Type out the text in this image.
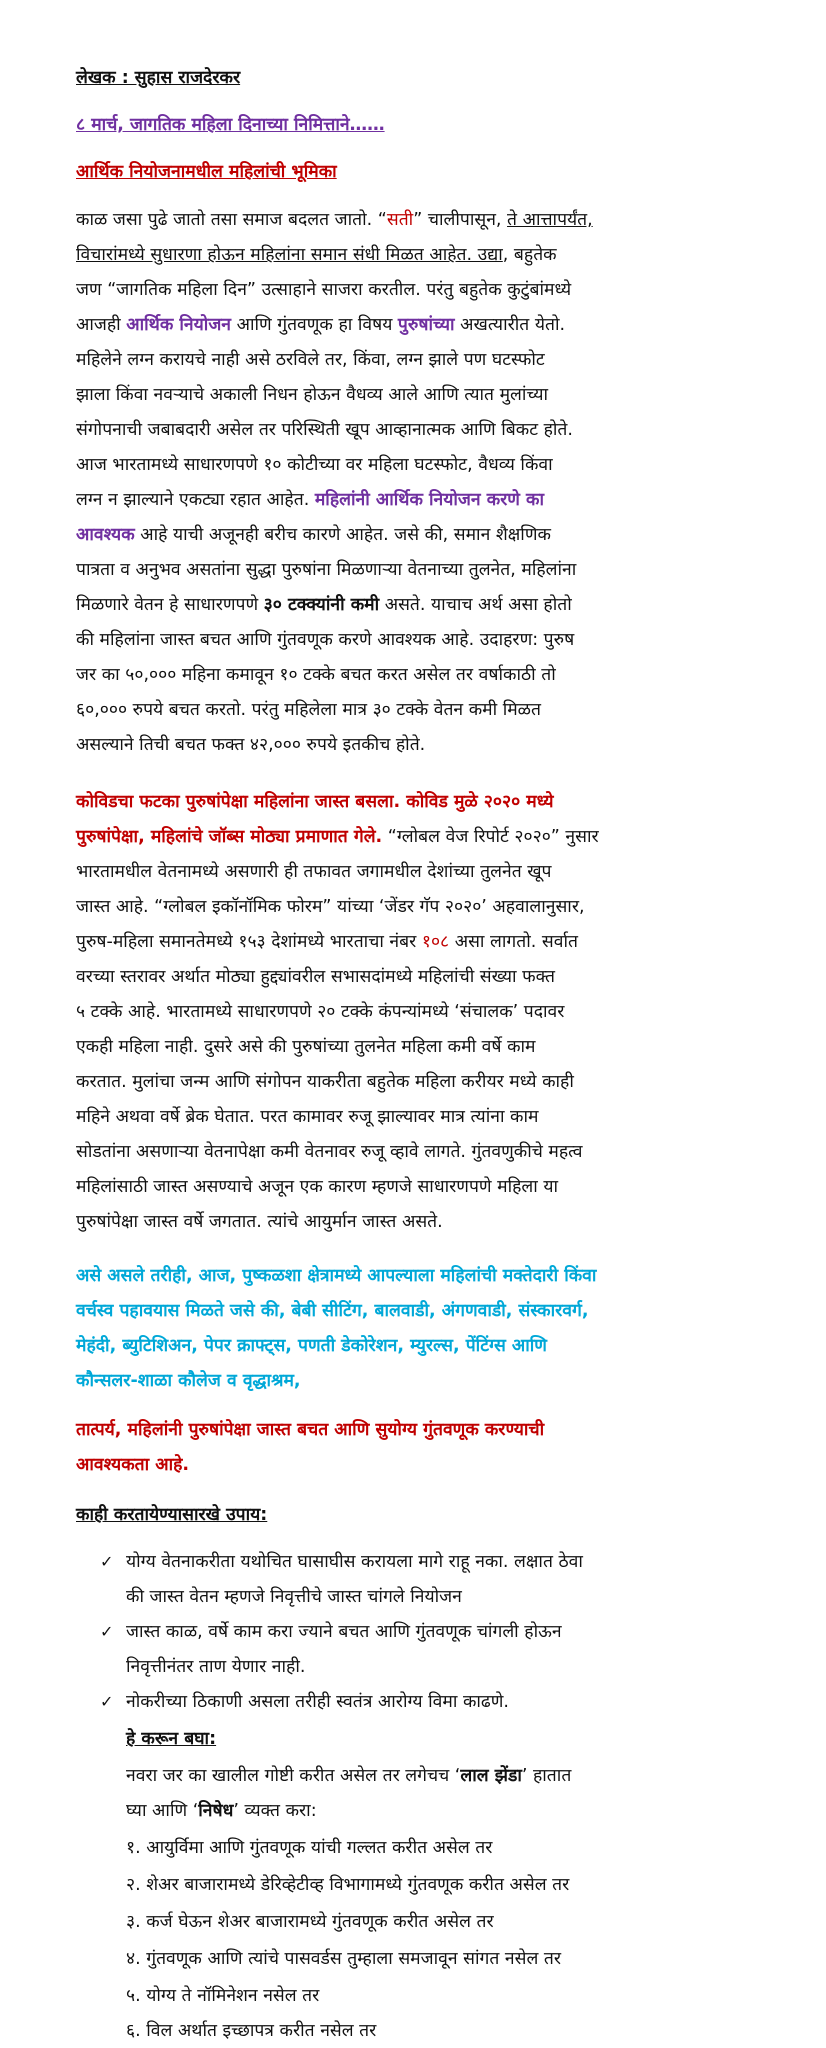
लेखक : सुहास राजदेरकर
८ मार्च, जागतिक महिला दिनाच्या निमित्ताने……
आर्थिक नियोजनामधील महिलांची भूमिका
काळ जसा पुढे जातो तसा समाज बदलत जातो. “सती” चालीपासून, ते आत्तापर्यंत,
विचारांमध्ये सुधारणा होऊन महिलांना समान संधी मिळत आहेत. उद्या, बहुतेक
जण “जागतिक महिला दिन” उत्साहाने साजरा करतील. परंतु बहुतेक कुटुंबांमध्ये
आजही आर्थिक नियोजन आणि गुंतवणूक हा विषय पुरुषांच्या अखत्यारीत येतो.
महिलेने लग्न करायचे नाही असे ठरविले तर, किंवा, लग्न झाले पण घटस्फोट
झाला किंवा नवऱ्याचे अकाली निधन होऊन वैधव्य आले आणि त्यात मुलांच्या
संगोपनाची जबाबदारी असेल तर परिस्थिती खूप आव्हानात्मक आणि बिकट होते.
आज भारतामध्ये साधारणपणे १० कोटीच्या वर महिला घटस्फोट, वैधव्य किंवा
लग्न न झाल्याने एकट्या रहात आहेत. महिलांनी आर्थिक नियोजन करणे का
आवश्यक आहे याची अजूनही बरीच कारणे आहेत. जसे की, समान शैक्षणिक
पात्रता व अनुभव असतांना सुद्धा पुरुषांना मिळणाऱ्या वेतनाच्या तुलनेत, महिलांना
मिळणारे वेतन हे साधारणपणे ३० टक्क्यांनी कमी असते. याचाच अर्थ असा होतो
की महिलांना जास्त बचत आणि गुंतवणूक करणे आवश्यक आहे. उदाहरण: पुरुष
जर का ५०,००० महिना कमावून १० टक्के बचत करत असेल तर वर्षाकाठी तो
६०,००० रुपये बचत करतो. परंतु महिलेला मात्र ३० टक्के वेतन कमी मिळत
असल्याने तिची बचत फक्त ४२,००० रुपये इतकीच होते.
कोविडचा फटका पुरुषांपेक्षा महिलांना जास्त बसला. कोविड मुळे २०२० मध्ये
पुरुषांपेक्षा, महिलांचे जॉब्स मोठ्या प्रमाणात गेले. “ग्लोबल वेज रिपोर्ट २०२०” नुसार
भारतामधील वेतनामध्ये असणारी ही तफावत जगामधील देशांच्या तुलनेत खूप
जास्त आहे. “ग्लोबल इकॉनॉमिक फोरम” यांच्या ‘जेंडर गॅप २०२०’ अहवालानुसार,
पुरुष-महिला समानतेमध्ये १५३ देशांमध्ये भारताचा नंबर १०८ असा लागतो. सर्वात
वरच्या स्तरावर अर्थात मोठ्या हुद्द्यांवरील सभासदांमध्ये महिलांची संख्या फक्त
५ टक्के आहे. भारतामध्ये साधारणपणे २० टक्के कंपन्यांमध्ये ‘संचालक’ पदावर
एकही महिला नाही. दुसरे असे की पुरुषांच्या तुलनेत महिला कमी वर्षे काम
करतात. मुलांचा जन्म आणि संगोपन याकरीता बहुतेक महिला करीयर मध्ये काही
महिने अथवा वर्षे ब्रेक घेतात. परत कामावर रुजू झाल्यावर मात्र त्यांना काम
सोडतांना असणाऱ्या वेतनापेक्षा कमी वेतनावर रुजू व्हावे लागते. गुंतवणुकीचे महत्व
महिलांसाठी जास्त असण्याचे अजून एक कारण म्हणजे साधारणपणे महिला या
पुरुषांपेक्षा जास्त वर्षे जगतात. त्यांचे आयुर्मान जास्त असते.
असे असले तरीही, आज, पुष्कळशा क्षेत्रामध्ये आपल्याला महिलांची मक्तेदारी किंवा
वर्चस्व पहावयास मिळते जसे की, बेबी सीटिंग, बालवाडी, अंगणवाडी, संस्कारवर्ग,
मेहंदी, ब्युटिशिअन, पेपर क्राफ्ट्स, पणती डेकोरेशन, म्युरल्स, पेंटिंग्स आणि
कौन्सलर-शाळा कौलेज व वृद्धाश्रम,
तात्पर्य, महिलांनी पुरुषांपेक्षा जास्त बचत आणि सुयोग्य गुंतवणूक करण्याची
आवश्यकता आहे.
काही करतायेण्यासारखे उपाय:
✓ योग्य वेतनाकरीता यथोचित घासाघीस करायला मागे राहू नका. लक्षात ठेवा
की जास्त वेतन म्हणजे निवृत्तीचे जास्त चांगले नियोजन
✓ जास्त काळ, वर्षे काम करा ज्याने बचत आणि गुंतवणूक चांगली होऊन
निवृत्तीनंतर ताण येणार नाही.
✓ नोकरीच्या ठिकाणी असला तरीही स्वतंत्र आरोग्य विमा काढणे.
हे करून बघा:
नवरा जर का खालील गोष्टी करीत असेल तर लगेचच ‘लाल झेंडा’ हातात
घ्या आणि ‘निषेध’ व्यक्त करा:
१. आयुर्विमा आणि गुंतवणूक यांची गल्लत करीत असेल तर
२. शेअर बाजारामध्ये डेरिव्हेटीव्ह विभागामध्ये गुंतवणूक करीत असेल तर
३. कर्ज घेऊन शेअर बाजारामध्ये गुंतवणूक करीत असेल तर
४. गुंतवणूक आणि त्यांचे पासवर्डस तुम्हाला समजावून सांगत नसेल तर
५. योग्य ते नॉमिनेशन नसेल तर
६. विल अर्थात इच्छापत्र करीत नसेल तर
